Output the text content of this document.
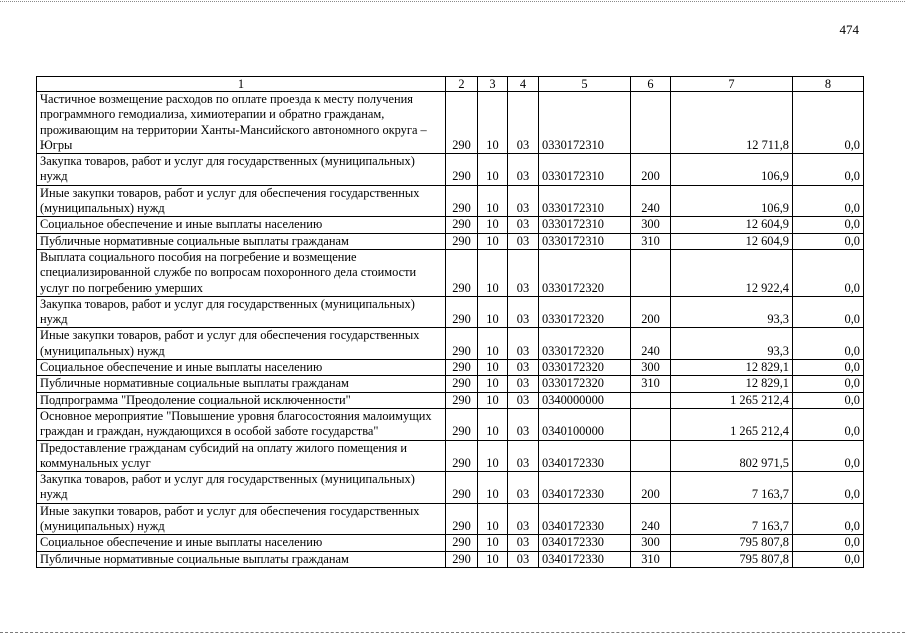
474
1	2	3	4	5	6	7	8
Частичное возмещение расходов по оплате проезда к месту получения программного гемодиализа, химиотерапии и обратно гражданам, проживающим на территории Ханты-Мансийского автономного округа – Югры	290	10	03	0330172310		12 711,8	0,0
Закупка товаров, работ и услуг для государственных (муниципальных) нужд	290	10	03	0330172310	200	106,9	0,0
Иные закупки товаров, работ и услуг для обеспечения государственных (муниципальных) нужд	290	10	03	0330172310	240	106,9	0,0
Социальное обеспечение и иные выплаты населению	290	10	03	0330172310	300	12 604,9	0,0
Публичные нормативные социальные выплаты гражданам	290	10	03	0330172310	310	12 604,9	0,0
Выплата социального пособия на погребение и возмещение специализированной службе по вопросам похоронного дела стоимости услуг по погребению умерших	290	10	03	0330172320		12 922,4	0,0
Закупка товаров, работ и услуг для государственных (муниципальных) нужд	290	10	03	0330172320	200	93,3	0,0
Иные закупки товаров, работ и услуг для обеспечения государственных (муниципальных) нужд	290	10	03	0330172320	240	93,3	0,0
Социальное обеспечение и иные выплаты населению	290	10	03	0330172320	300	12 829,1	0,0
Публичные нормативные социальные выплаты гражданам	290	10	03	0330172320	310	12 829,1	0,0
Подпрограмма "Преодоление социальной исключенности"	290	10	03	0340000000		1 265 212,4	0,0
Основное мероприятие "Повышение уровня благосостояния малоимущих граждан и граждан, нуждающихся в особой заботе государства"	290	10	03	0340100000		1 265 212,4	0,0
Предоставление гражданам субсидий на оплату жилого помещения и коммунальных услуг	290	10	03	0340172330		802 971,5	0,0
Закупка товаров, работ и услуг для государственных (муниципальных) нужд	290	10	03	0340172330	200	7 163,7	0,0
Иные закупки товаров, работ и услуг для обеспечения государственных (муниципальных) нужд	290	10	03	0340172330	240	7 163,7	0,0
Социальное обеспечение и иные выплаты населению	290	10	03	0340172330	300	795 807,8	0,0
Публичные нормативные социальные выплаты гражданам	290	10	03	0340172330	310	795 807,8	0,0
